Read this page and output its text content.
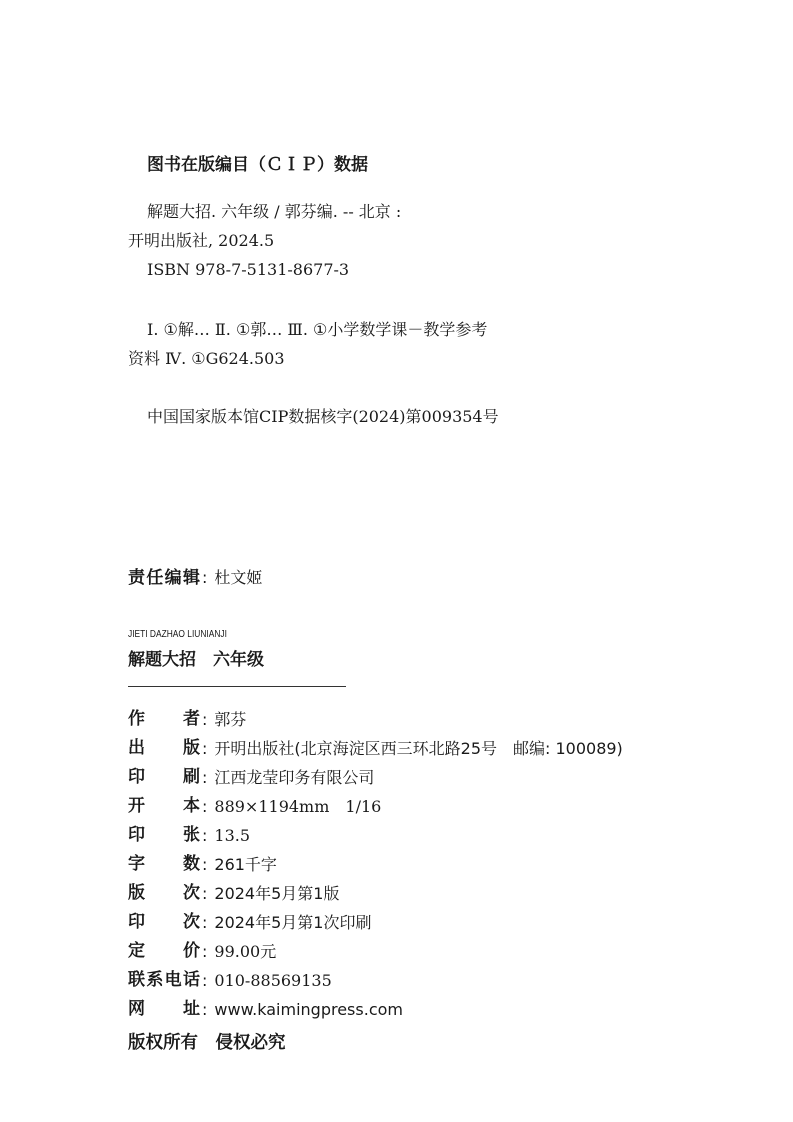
图书在版编目（ＣＩＰ）数据
解题大招. 六年级 / 郭芬编. -- 北京 :
开明出版社, 2024.5
ISBN 978-7-5131-8677-3
Ⅰ. ①解… Ⅱ. ①郭… Ⅲ. ①小学数学课－教学参考
资料 Ⅳ. ①G624.503
中国国家版本馆CIP数据核字(2024)第009354号
责任编辑 : 杜文姬
JIETI DAZHAO LIUNIANJI
解题大招　六年级
作　　者 : 郭芬
出　　版 : 开明出版社(北京海淀区西三环北路25号　邮编: 100089)
印　　刷 : 江西龙莹印务有限公司
开　　本 : 889×1194mm　1/16
印　　张 : 13.5
字　　数 : 261千字
版　　次 : 2024年5月第1版
印　　次 : 2024年5月第1次印刷
定　　价 : 99.00元
联系电话 : 010-88569135
网　　址 : www.kaimingpress.com
版权所有　侵权必究
